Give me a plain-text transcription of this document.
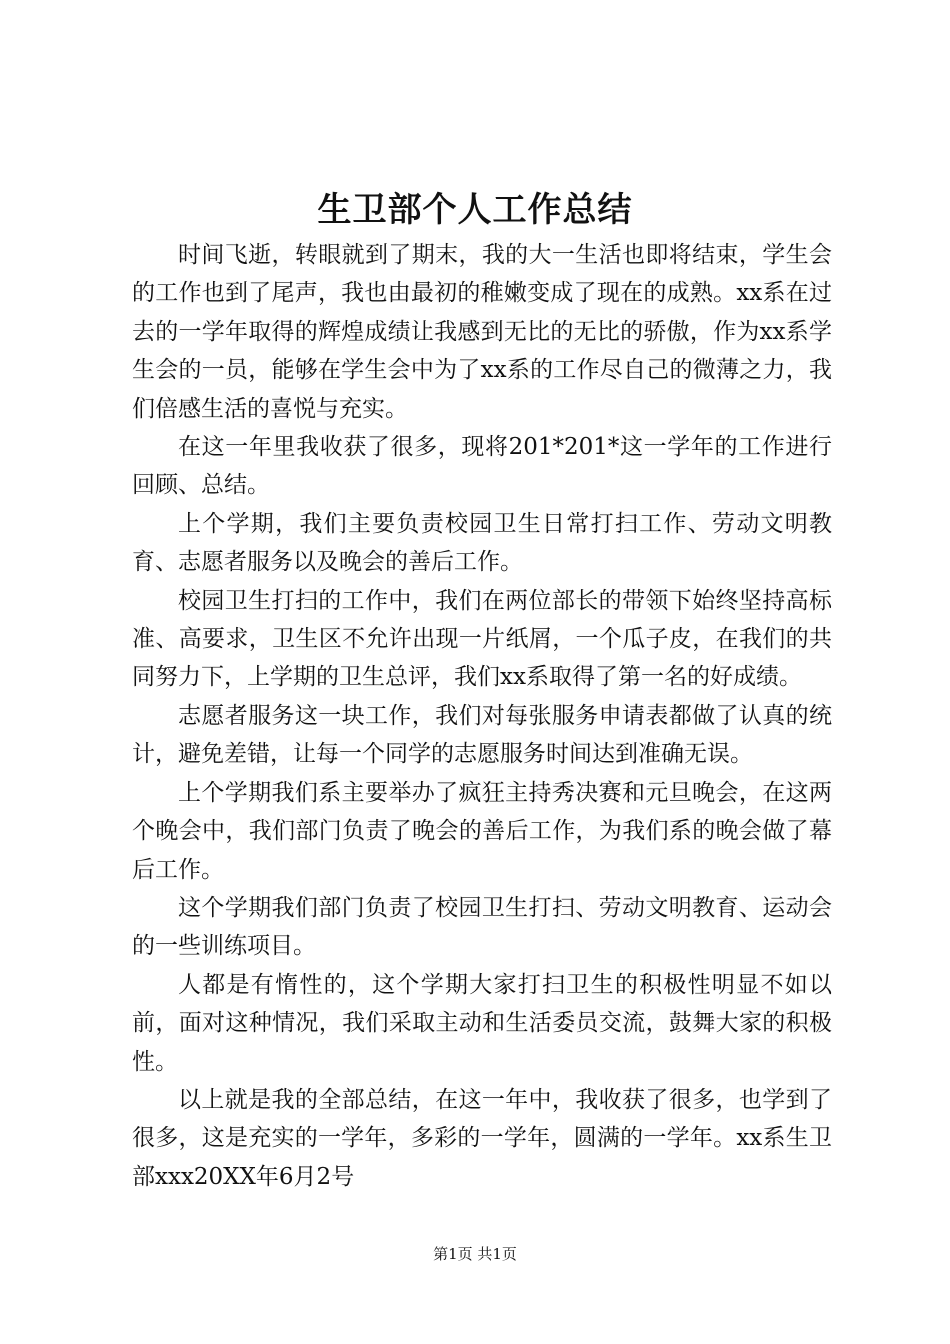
生卫部个人工作总结

时间飞逝，转眼就到了期末，我的大一生活也即将结束，学生会的工作也到了尾声，我也由最初的稚嫩变成了现在的成熟。xx系在过去的一学年取得的辉煌成绩让我感到无比的无比的骄傲，作为xx系学生会的一员，能够在学生会中为了xx系的工作尽自己的微薄之力，我们倍感生活的喜悦与充实。

在这一年里我收获了很多，现将201*201*这一学年的工作进行回顾、总结。

上个学期，我们主要负责校园卫生日常打扫工作、劳动文明教育、志愿者服务以及晚会的善后工作。

校园卫生打扫的工作中，我们在两位部长的带领下始终坚持高标准、高要求，卫生区不允许出现一片纸屑，一个瓜子皮，在我们的共同努力下，上学期的卫生总评，我们xx系取得了第一名的好成绩。

志愿者服务这一块工作，我们对每张服务申请表都做了认真的统计，避免差错，让每一个同学的志愿服务时间达到准确无误。

上个学期我们系主要举办了疯狂主持秀决赛和元旦晚会，在这两个晚会中，我们部门负责了晚会的善后工作，为我们系的晚会做了幕后工作。

这个学期我们部门负责了校园卫生打扫、劳动文明教育、运动会的一些训练项目。

人都是有惰性的，这个学期大家打扫卫生的积极性明显不如以前，面对这种情况，我们采取主动和生活委员交流，鼓舞大家的积极性。

以上就是我的全部总结，在这一年中，我收获了很多，也学到了很多，这是充实的一学年，多彩的一学年，圆满的一学年。xx系生卫部xxx20XX年6月2号

第1页 共1页
